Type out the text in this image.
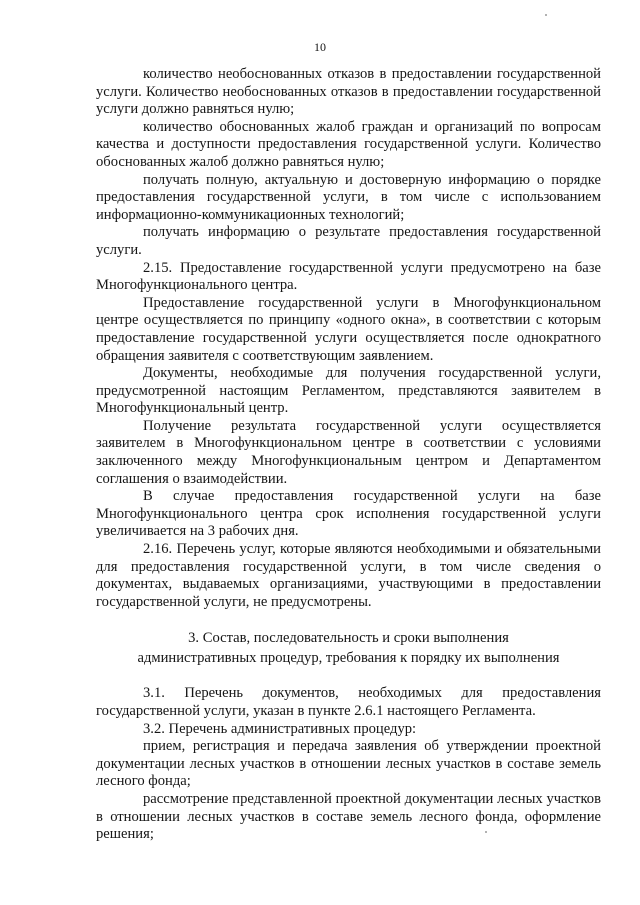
10

количество необоснованных отказов в предоставлении государственной услуги. Количество необоснованных отказов в предоставлении государственной услуги должно равняться нулю;

количество обоснованных жалоб граждан и организаций по вопросам качества и доступности предоставления государственной услуги. Количество обоснованных жалоб должно равняться нулю;

получать полную, актуальную и достоверную информацию о порядке предоставления государственной услуги, в том числе с использованием информационно-коммуникационных технологий;

получать информацию о результате предоставления государственной услуги.

2.15. Предоставление государственной услуги предусмотрено на базе Многофункционального центра.

Предоставление государственной услуги в Многофункциональном центре осуществляется по принципу «одного окна», в соответствии с которым предоставление государственной услуги осуществляется после однократного обращения заявителя с соответствующим заявлением.

Документы, необходимые для получения государственной услуги, предусмотренной настоящим Регламентом, представляются заявителем в Многофункциональный центр.

Получение результата государственной услуги осуществляется заявителем в Многофункциональном центре в соответствии с условиями заключенного между Многофункциональным центром и Департаментом соглашения о взаимодействии.

В случае предоставления государственной услуги на базе Многофункционального центра срок исполнения государственной услуги увеличивается на 3 рабочих дня.

2.16. Перечень услуг, которые являются необходимыми и обязательными для предоставления государственной услуги, в том числе сведения о документах, выдаваемых организациями, участвующими в предоставлении государственной услуги, не предусмотрены.

3. Состав, последовательность и сроки выполнения
административных процедур, требования к порядку их выполнения

3.1. Перечень документов, необходимых для предоставления государственной услуги, указан в пункте 2.6.1 настоящего Регламента.

3.2. Перечень административных процедур:

прием, регистрация и передача заявления об утверждении проектной документации лесных участков в отношении лесных участков в составе земель лесного фонда;

рассмотрение представленной проектной документации лесных участков в отношении лесных участков в составе земель лесного фонда, оформление решения;
